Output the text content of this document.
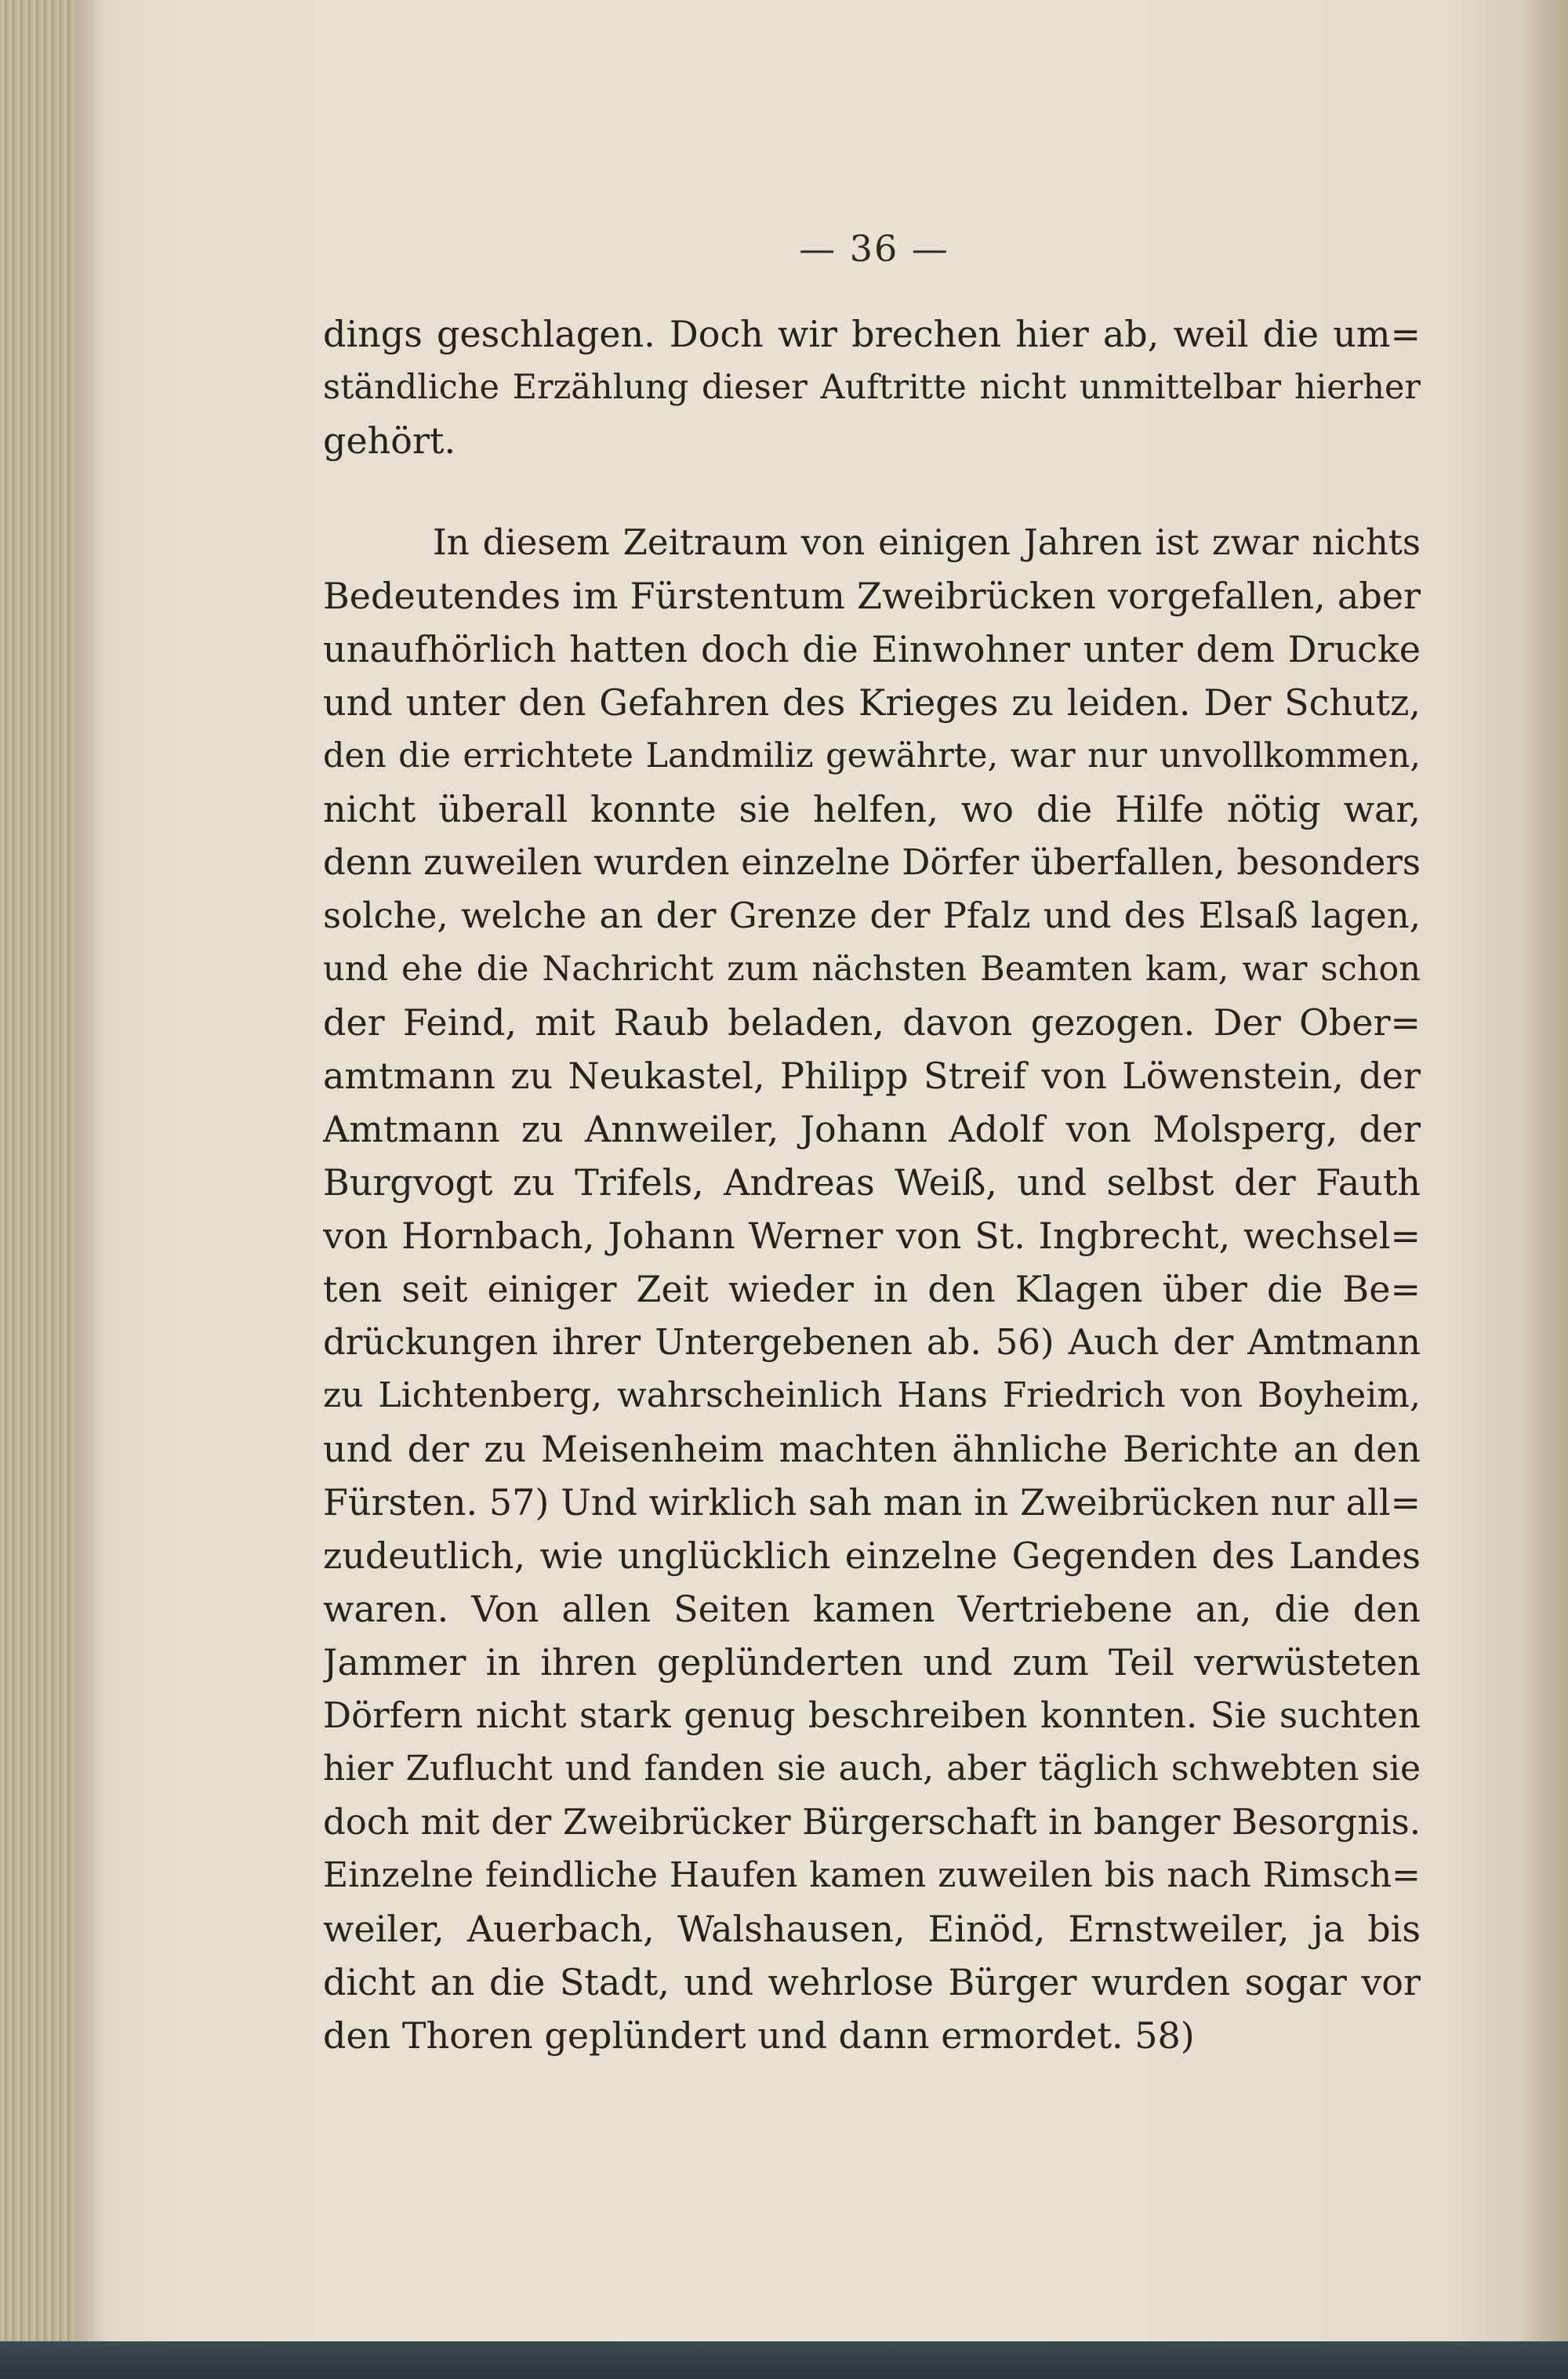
— 36 —
dings geschlagen. Doch wir brechen hier ab, weil die um=
ständliche Erzählung dieser Auftritte nicht unmittelbar hierher
gehört.
In diesem Zeitraum von einigen Jahren ist zwar nichts
Bedeutendes im Fürstentum Zweibrücken vorgefallen, aber
unaufhörlich hatten doch die Einwohner unter dem Drucke
und unter den Gefahren des Krieges zu leiden. Der Schutz,
den die errichtete Landmiliz gewährte, war nur unvollkommen,
nicht überall konnte sie helfen, wo die Hilfe nötig war,
denn zuweilen wurden einzelne Dörfer überfallen, besonders
solche, welche an der Grenze der Pfalz und des Elsaß lagen,
und ehe die Nachricht zum nächsten Beamten kam, war schon
der Feind, mit Raub beladen, davon gezogen. Der Ober=
amtmann zu Neukastel, Philipp Streif von Löwenstein, der
Amtmann zu Annweiler, Johann Adolf von Molsperg, der
Burgvogt zu Trifels, Andreas Weiß, und selbst der Fauth
von Hornbach, Johann Werner von St. Ingbrecht, wechsel=
ten seit einiger Zeit wieder in den Klagen über die Be=
drückungen ihrer Untergebenen ab. 56) Auch der Amtmann
zu Lichtenberg, wahrscheinlich Hans Friedrich von Boyheim,
und der zu Meisenheim machten ähnliche Berichte an den
Fürsten. 57) Und wirklich sah man in Zweibrücken nur all=
zudeutlich, wie unglücklich einzelne Gegenden des Landes
waren. Von allen Seiten kamen Vertriebene an, die den
Jammer in ihren geplünderten und zum Teil verwüsteten
Dörfern nicht stark genug beschreiben konnten. Sie suchten
hier Zuflucht und fanden sie auch, aber täglich schwebten sie
doch mit der Zweibrücker Bürgerschaft in banger Besorgnis.
Einzelne feindliche Haufen kamen zuweilen bis nach Rimsch=
weiler, Auerbach, Walshausen, Einöd, Ernstweiler, ja bis
dicht an die Stadt, und wehrlose Bürger wurden sogar vor
den Thoren geplündert und dann ermordet. 58)
